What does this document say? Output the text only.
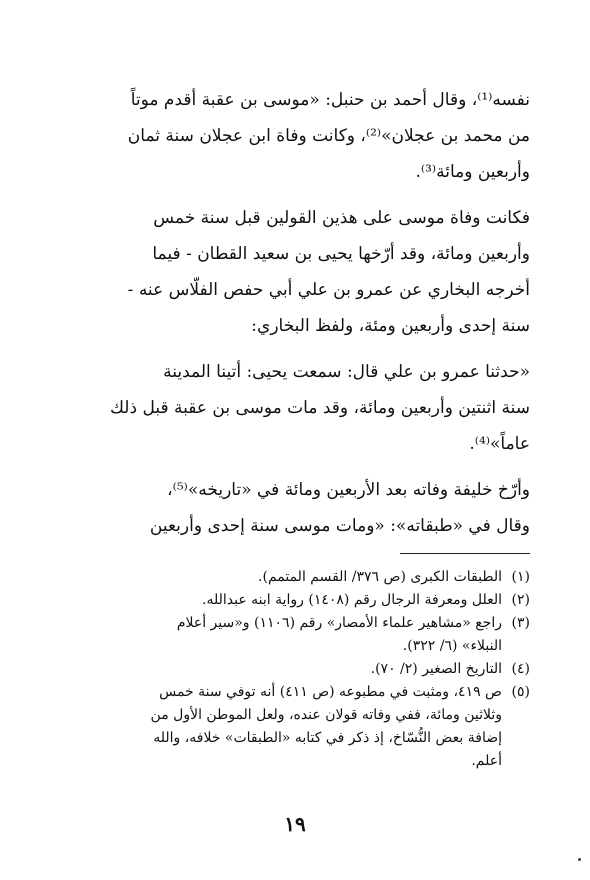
نفسه⁽¹⁾، وقال أحمد بن حنبل: «موسى بن عقبة أقدم موتاً
من محمد بن عجلان»⁽²⁾، وكانت وفاة ابن عجلان سنة ثمان
وأربعين ومائة⁽³⁾.

فكانت وفاة موسى على هذين القولين قبل سنة خمس
وأربعين ومائة، وقد أرّخها يحيى بن سعيد القطان - فيما
أخرجه البخاري عن عمرو بن علي أبي حفص الفلّاس عنه -
سنة إحدى وأربعين ومئة، ولفظ البخاري:

«حدثنا عمرو بن علي قال: سمعت يحيى: أتينا المدينة
سنة اثنتين وأربعين ومائة، وقد مات موسى بن عقبة قبل ذلك
عاماً»⁽⁴⁾.

وأرّخ خليفة وفاته بعد الأربعين ومائة في «تاريخه»⁽⁵⁾،
وقال في «طبقاته»: «ومات موسى سنة إحدى وأربعين

(١)
الطبقات الكبرى (ص ٣٧٦/ القسم المتمم).
(٢)
العلل ومعرفة الرجال رقم (١٤٠٨) رواية ابنه عبدالله.
(٣)
راجع «مشاهير علماء الأمصار» رقم (١١٠٦) و«سير أعلام
النبلاء» (٦/ ٣٢٢).
(٤)
التاريخ الصغير (٢/ ٧٠).
(٥)
ص ٤١٩، ومثبت في مطبوعه (ص ٤١١) أنه توفي سنة خمس
وثلاثين ومائة، ففي وفاته قولان عنده، ولعل الموطن الأول من
إضافة بعض النُّسّاخ، إذ ذكر في كتابه «الطبقات» خلافه، والله
أعلم.
١٩
